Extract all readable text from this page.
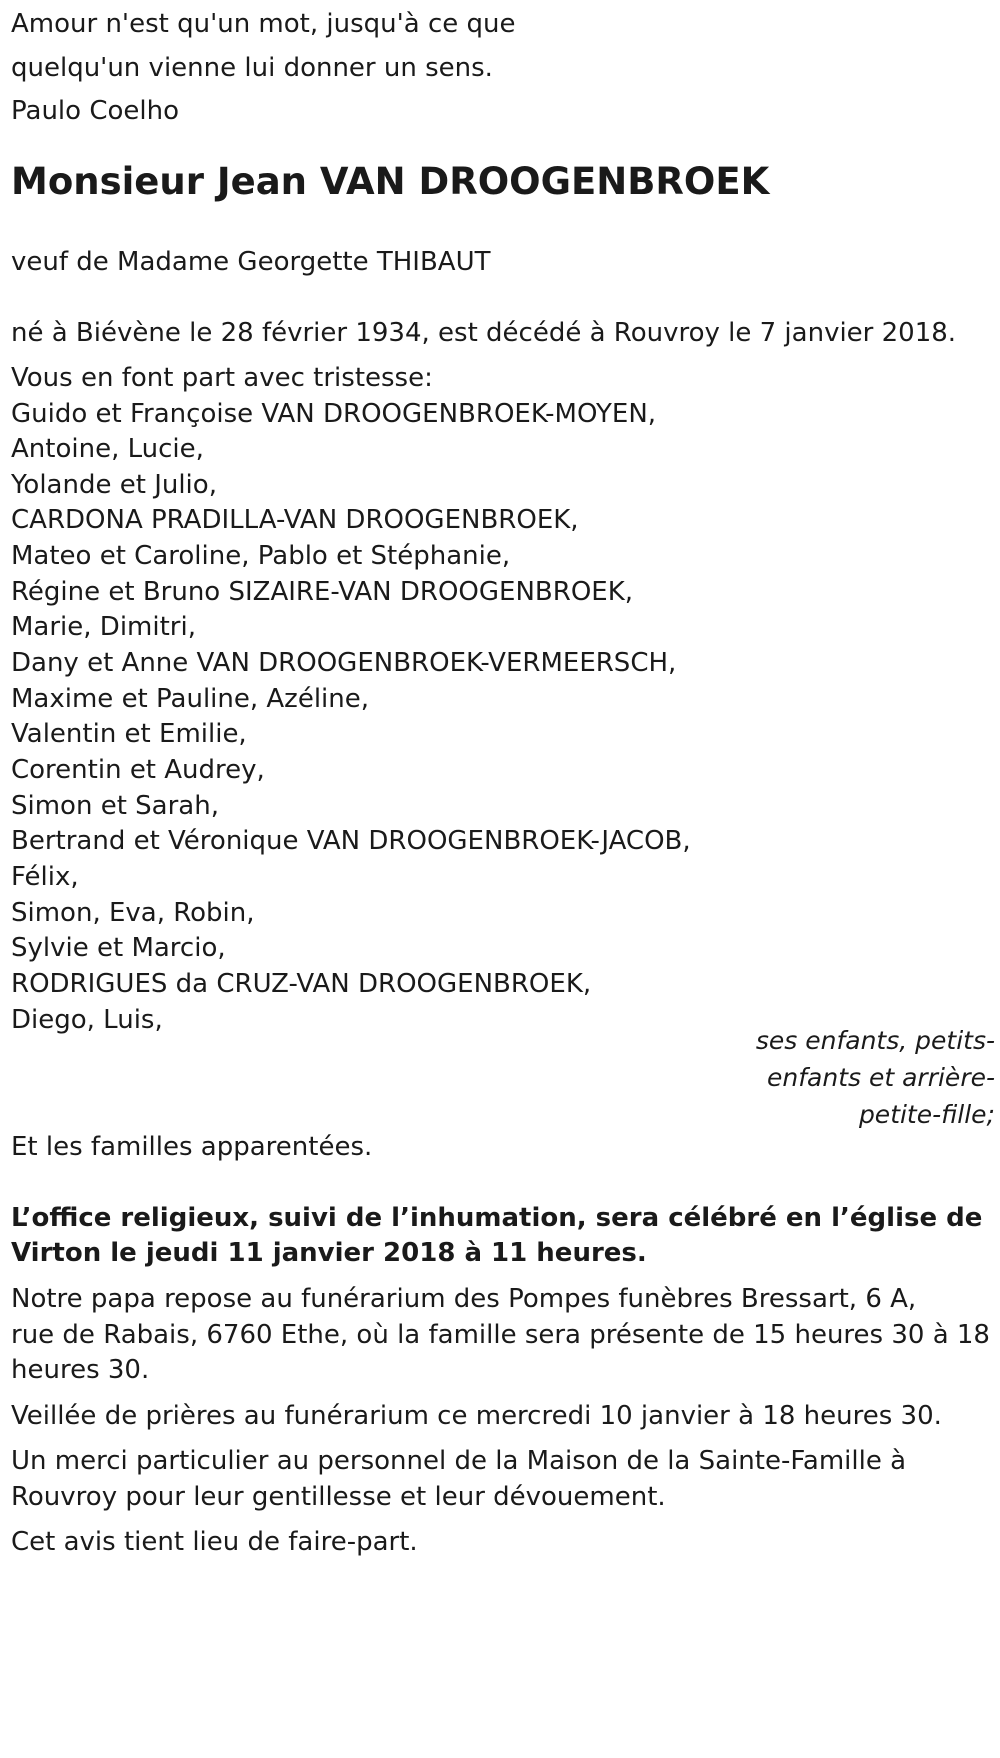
Amour n'est qu'un mot, jusqu'à ce que
quelqu'un vienne lui donner un sens.
Paulo Coelho
Monsieur Jean VAN DROOGENBROEK
veuf de Madame Georgette THIBAUT
né à Biévène le 28 février 1934, est décédé à Rouvroy le 7 janvier 2018.
Vous en font part avec tristesse:
Guido et Françoise VAN DROOGENBROEK-MOYEN,
Antoine, Lucie,
Yolande et Julio,
CARDONA PRADILLA-VAN DROOGENBROEK,
Mateo et Caroline, Pablo et Stéphanie,
Régine et Bruno SIZAIRE-VAN DROOGENBROEK,
Marie, Dimitri,
Dany et Anne VAN DROOGENBROEK-VERMEERSCH,
Maxime et Pauline, Azéline,
Valentin et Emilie,
Corentin et Audrey,
Simon et Sarah,
Bertrand et Véronique VAN DROOGENBROEK-JACOB,
Félix,
Simon, Eva, Robin,
Sylvie et Marcio,
RODRIGUES da CRUZ-VAN DROOGENBROEK,
Diego, Luis,
ses enfants, petits-
enfants et arrière-
petite-fille;
Et les familles apparentées.
L’office religieux, suivi de l’inhumation, sera célébré en l’église de
Virton le jeudi 11 janvier 2018 à 11 heures.
Notre papa repose au funérarium des Pompes funèbres Bressart, 6 A,
rue de Rabais, 6760 Ethe, où la famille sera présente de 15 heures 30 à 18
heures 30.
Veillée de prières au funérarium ce mercredi 10 janvier à 18 heures 30.
Un merci particulier au personnel de la Maison de la Sainte-Famille à
Rouvroy pour leur gentillesse et leur dévouement.
Cet avis tient lieu de faire-part.
